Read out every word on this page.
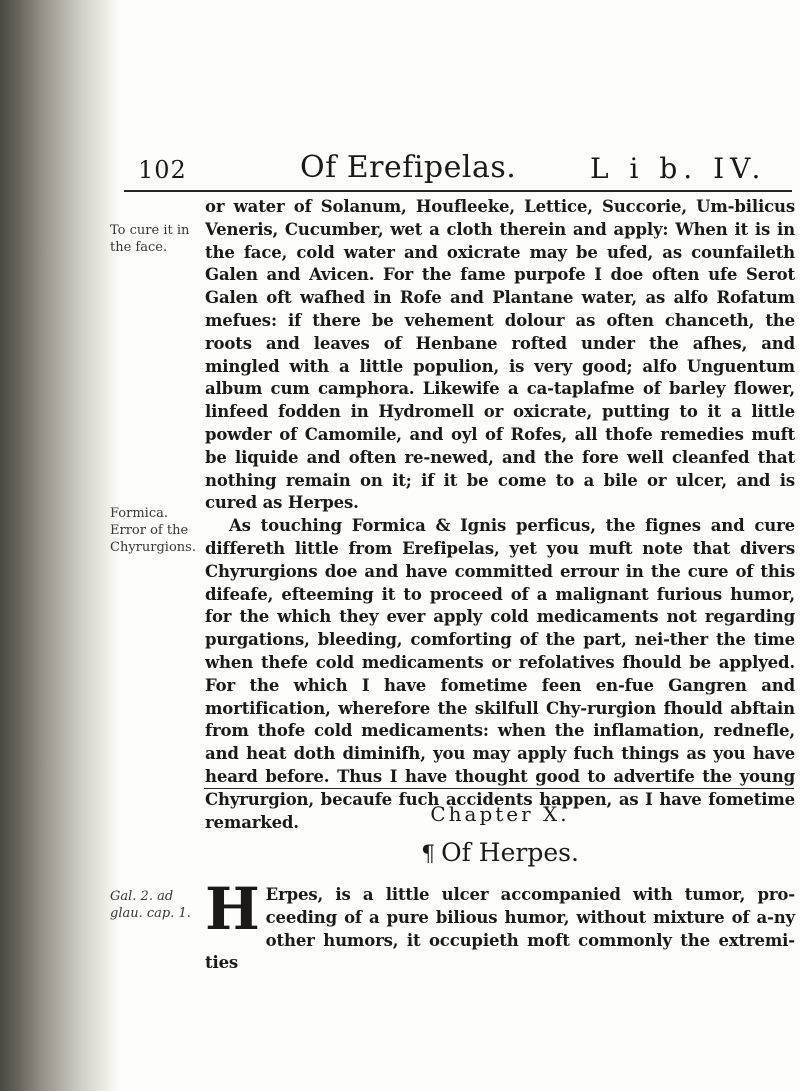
102	Of Erefipelas.	L i b. IV.
To cure it in the face.
Formica.
Error of the Chyrurgions.
Gal. 2. ad glau. cap. 1.

or water of Solanum, Houfleeke, Lettice, Succorie, Um-bilicus Veneris, Cucumber, wet a cloth therein and apply: When it is in the face, cold water and oxicrate may be ufed, as counfaileth Galen and Avicen. For the fame purpofe I doe often ufe Serot Galen oft wafhed in Rofe and Plantane water, as alfo Rofatum mefues: if there be vehement dolour as often chanceth, the roots and leaves of Henbane rofted under the afhes, and mingled with a little populion, is very good; alfo Unguentum album cum camphora. Likewife a ca-taplafme of barley flower, linfeed fodden in Hydromell or oxicrate, putting to it a little powder of Camomile, and oyl of Rofes, all thofe remedies muft be liquide and often re-newed, and the fore well cleanfed that nothing remain on it; if it be come to a bile or ulcer, and is cured as Herpes.

As touching Formica & Ignis perficus, the fignes and cure differeth little from Erefipelas, yet you muft note that divers Chyrurgions doe and have committed errour in the cure of this difeafe, efteeming it to proceed of a malignant furious humor, for the which they ever apply cold medicaments not regarding purgations, bleeding, comforting of the part, nei-ther the time when thefe cold medicaments or refolatives fhould be applyed. For the which I have fometime feen en-fue Gangren and mortification, wherefore the skilfull Chy-rurgion fhould abftain from thofe cold medicaments: when the inflamation, rednefle, and heat doth diminifh, you may apply fuch things as you have heard before. Thus I have thought good to advertife the young Chyrurgion, becaufe fuch accidents happen, as I have fometime remarked.	Chapter X.
¶ Of Herpes.

H Erpes, is a little ulcer accompanied with tumor, pro-ceeding of a pure bilious humor, without mixture of a-ny other humors, it occupieth moft commonly the extremi-ties
